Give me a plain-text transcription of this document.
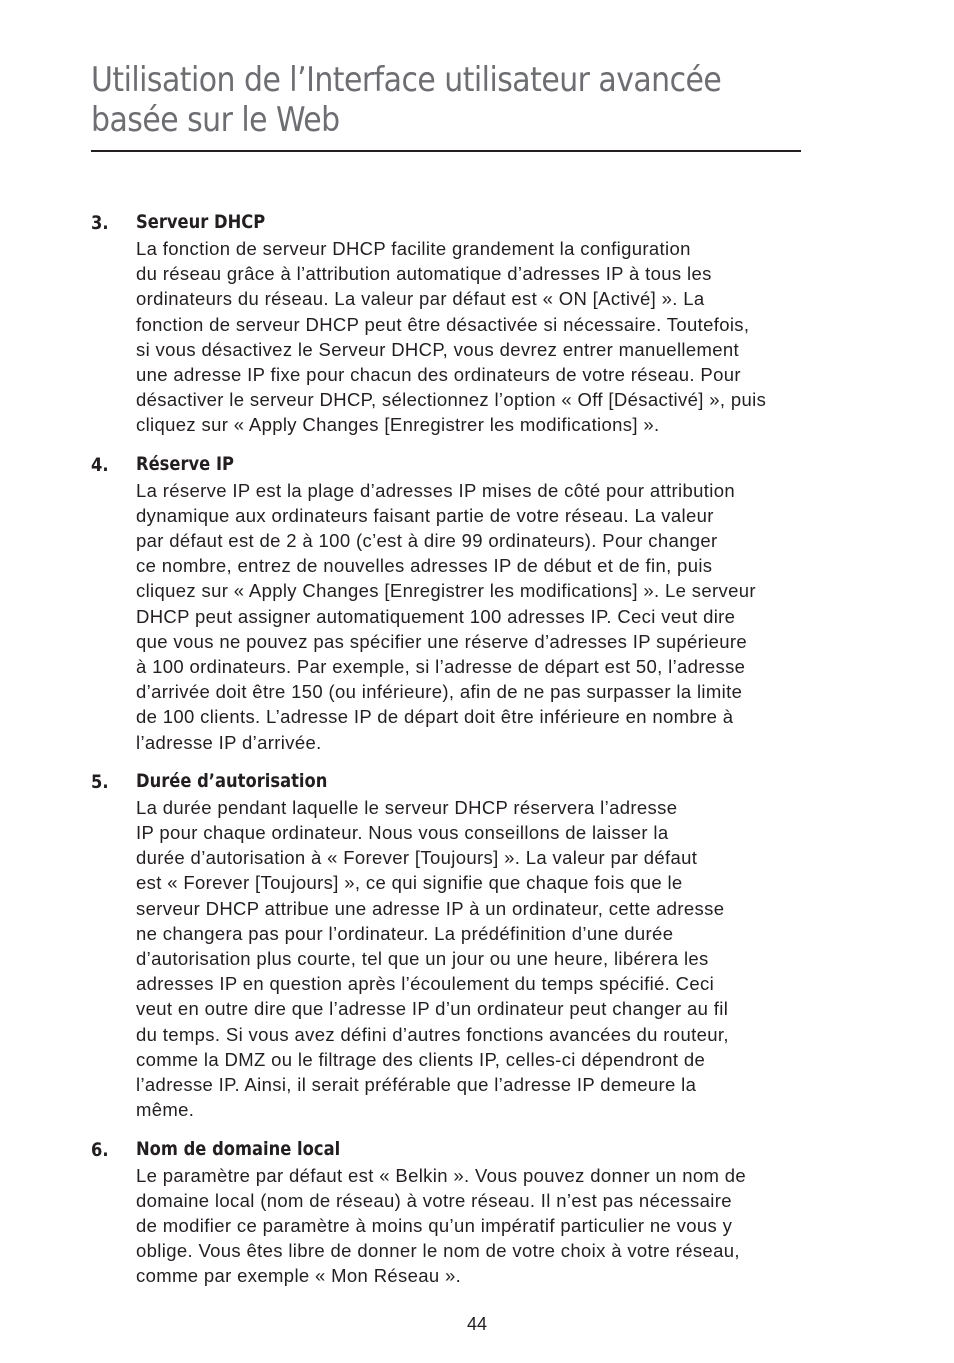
Utilisation de l’Interface utilisateur avancée
basée sur le Web
3. Serveur DHCP

La fonction de serveur DHCP facilite grandement la configuration
du réseau grâce à l’attribution automatique d’adresses IP à tous les
ordinateurs du réseau. La valeur par défaut est « ON [Activé] ». La
fonction de serveur DHCP peut être désactivée si nécessaire. Toutefois,
si vous désactivez le Serveur DHCP, vous devrez entrer manuellement
une adresse IP fixe pour chacun des ordinateurs de votre réseau. Pour
désactiver le serveur DHCP, sélectionnez l’option « Off [Désactivé] », puis
cliquez sur « Apply Changes [Enregistrer les modifications] ».

4. Réserve IP

La réserve IP est la plage d’adresses IP mises de côté pour attribution
dynamique aux ordinateurs faisant partie de votre réseau. La valeur
par défaut est de 2 à 100 (c’est à dire 99 ordinateurs). Pour changer
ce nombre, entrez de nouvelles adresses IP de début et de fin, puis
cliquez sur « Apply Changes [Enregistrer les modifications] ». Le serveur
DHCP peut assigner automatiquement 100 adresses IP. Ceci veut dire
que vous ne pouvez pas spécifier une réserve d’adresses IP supérieure
à 100 ordinateurs. Par exemple, si l’adresse de départ est 50, l’adresse
d’arrivée doit être 150 (ou inférieure), afin de ne pas surpasser la limite
de 100 clients. L’adresse IP de départ doit être inférieure en nombre à
l’adresse IP d’arrivée.

5. Durée d’autorisation

La durée pendant laquelle le serveur DHCP réservera l’adresse
IP pour chaque ordinateur. Nous vous conseillons de laisser la
durée d’autorisation à « Forever [Toujours] ». La valeur par défaut
est « Forever [Toujours] », ce qui signifie que chaque fois que le
serveur DHCP attribue une adresse IP à un ordinateur, cette adresse
ne changera pas pour l’ordinateur. La prédéfinition d’une durée
d’autorisation plus courte, tel que un jour ou une heure, libérera les
adresses IP en question après l’écoulement du temps spécifié. Ceci
veut en outre dire que l’adresse IP d’un ordinateur peut changer au fil
du temps. Si vous avez défini d’autres fonctions avancées du routeur,
comme la DMZ ou le filtrage des clients IP, celles-ci dépendront de
l’adresse IP. Ainsi, il serait préférable que l’adresse IP demeure la
même.

6. Nom de domaine local

Le paramètre par défaut est « Belkin ». Vous pouvez donner un nom de
domaine local (nom de réseau) à votre réseau. Il n’est pas nécessaire
de modifier ce paramètre à moins qu’un impératif particulier ne vous y
oblige. Vous êtes libre de donner le nom de votre choix à votre réseau,
comme par exemple « Mon Réseau ».

44
